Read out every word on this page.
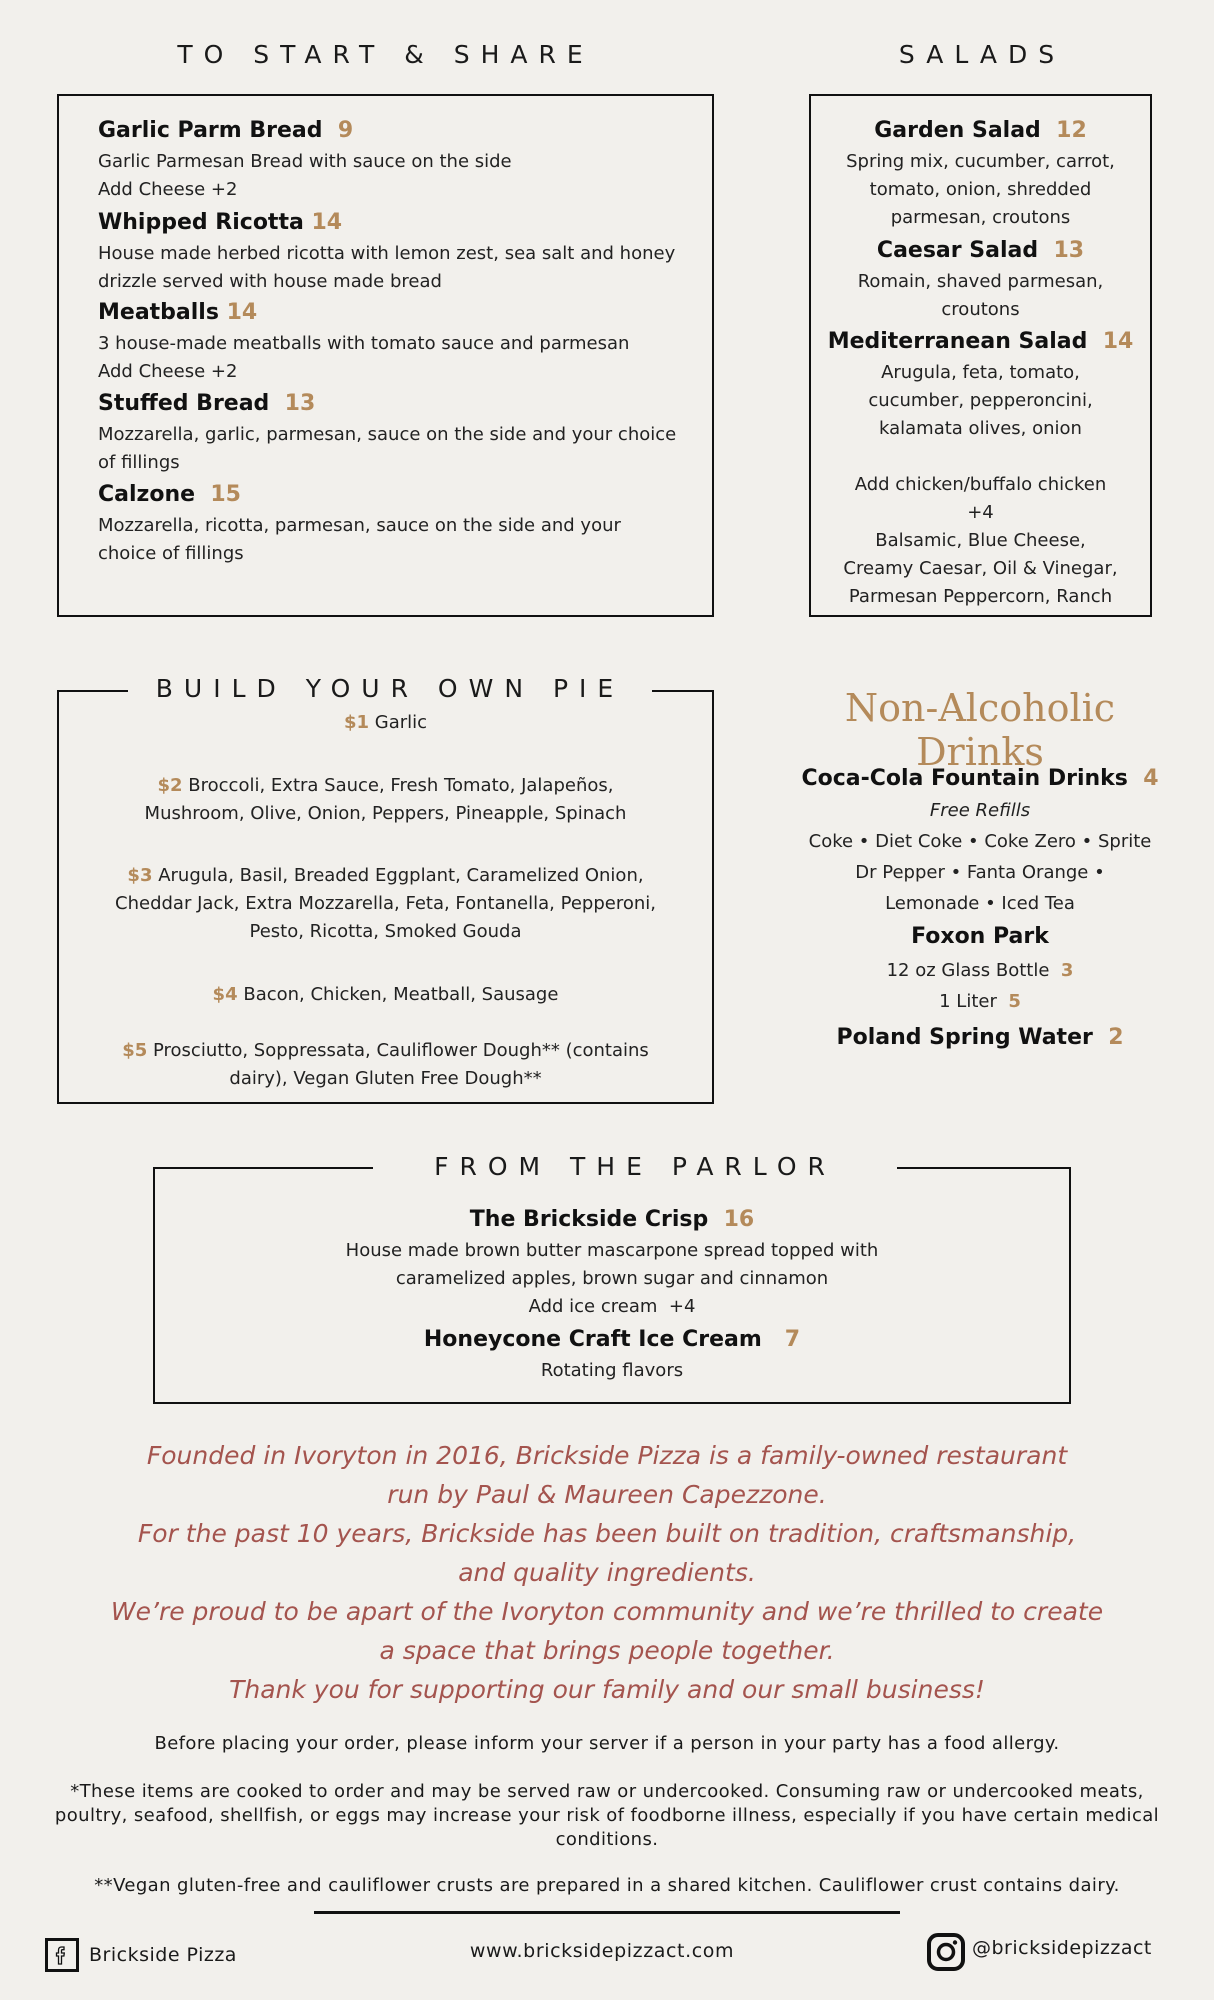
TO START & SHARE
Garlic Parm Bread 9
Garlic Parmesan Bread with sauce on the side
Add Cheese +2
Whipped Ricotta 14
House made herbed ricotta with lemon zest, sea salt and honey
drizzle served with house made bread
Meatballs 14
3 house-made meatballs with tomato sauce and parmesan
Add Cheese +2
Stuffed Bread 13
Mozzarella, garlic, parmesan, sauce on the side and your choice
of fillings
Calzone 15
Mozzarella, ricotta, parmesan, sauce on the side and your
choice of fillings
SALADS
Garden Salad 12
Spring mix, cucumber, carrot,
tomato, onion, shredded
parmesan, croutons
Caesar Salad 13
Romain, shaved parmesan,
croutons
Mediterranean Salad 14
Arugula, feta, tomato,
cucumber, pepperoncini,
kalamata olives, onion
Add chicken/buffalo chicken
+4
Balsamic, Blue Cheese,
Creamy Caesar, Oil & Vinegar,
Parmesan Peppercorn, Ranch
BUILD YOUR OWN PIE
$1 Garlic
$2 Broccoli, Extra Sauce, Fresh Tomato, Jalapeños,
Mushroom, Olive, Onion, Peppers, Pineapple, Spinach
$3 Arugula, Basil, Breaded Eggplant, Caramelized Onion,
Cheddar Jack, Extra Mozzarella, Feta, Fontanella, Pepperoni,
Pesto, Ricotta, Smoked Gouda
$4 Bacon, Chicken, Meatball, Sausage
$5 Prosciutto, Soppressata, Cauliflower Dough** (contains
dairy), Vegan Gluten Free Dough**
Non-Alcoholic Drinks
Coca-Cola Fountain Drinks 4
Free Refills
Coke • Diet Coke • Coke Zero • Sprite
Dr Pepper • Fanta Orange •
Lemonade • Iced Tea
Foxon Park
12 oz Glass Bottle 3
1 Liter 5
Poland Spring Water 2
FROM THE PARLOR
The Brickside Crisp 16
House made brown butter mascarpone spread topped with
caramelized apples, brown sugar and cinnamon
Add ice cream +4
Honeycone Craft Ice Cream 7
Rotating flavors
Founded in Ivoryton in 2016, Brickside Pizza is a family-owned restaurant
run by Paul & Maureen Capezzone.
For the past 10 years, Brickside has been built on tradition, craftsmanship,
and quality ingredients.
We’re proud to be apart of the Ivoryton community and we’re thrilled to create
a space that brings people together.
Thank you for supporting our family and our small business!
Before placing your order, please inform your server if a person in your party has a food allergy.
*These items are cooked to order and may be served raw or undercooked. Consuming raw or undercooked meats,
poultry, seafood, shellfish, or eggs may increase your risk of foodborne illness, especially if you have certain medical
conditions.
**Vegan gluten-free and cauliflower crusts are prepared in a shared kitchen. Cauliflower crust contains dairy.
Brickside Pizza	www.bricksidepizzact.com	@bricksidepizzact
